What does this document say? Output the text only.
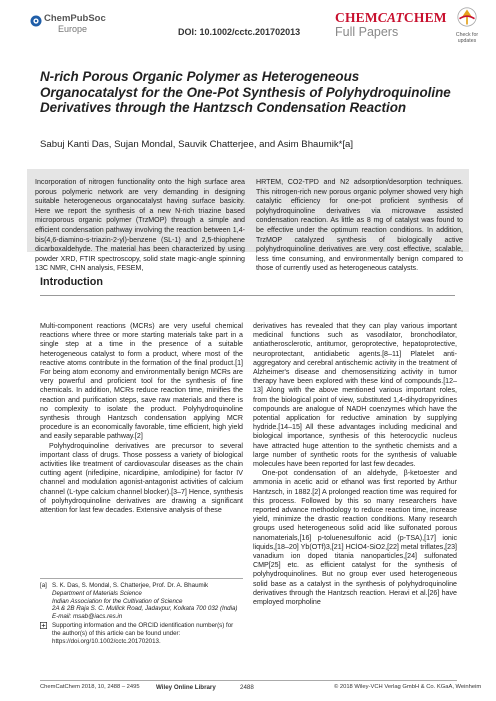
ChemPubSoc
Europe	DOI: 10.1002/cctc.201702013
CHEMCATCHEM
Full Papers	Check for updates
N-rich Porous Organic Polymer as Heterogeneous Organocatalyst for the One-Pot Synthesis of Polyhydroquinoline Derivatives through the Hantzsch Condensation Reaction
Sabuj Kanti Das, Sujan Mondal, Sauvik Chatterjee, and Asim Bhaumik*[a]
Incorporation of nitrogen functionality onto the high surface area porous polymeric network are very demanding in designing suitable heterogeneous organocatalyst having surface basicity. Here we report the synthesis of a new N-rich triazine based microporous organic polymer (TrzMOP) through a simple and efficient condensation pathway involving the reaction between 1,4-bis(4,6-diamino-s-triazin-2-yl)-benzene (SL-1) and 2,5-thiophene dicarboxaldehyde. The material has been characterized by using powder XRD, FTIR spectroscopy, solid state magic-angle spinning 13C NMR, CHN analysis, FESEM,
HRTEM, CO2-TPD and N2 adsorption/desorption techniques. This nitrogen-rich new porous organic polymer showed very high catalytic efficiency for one-pot proficient synthesis of polyhydroquinoline derivatives via microwave assisted condensation reaction. As little as 8 mg of catalyst was found to be effective under the optimum reaction conditions. In addition, TrzMOP catalyzed synthesis of biologically active polyhydroquinoline derivatives are very cost effective, scalable, less time consuming, and environmentally benign compared to those of currently used as heterogeneous catalysts.
Introduction

Multi-component reactions (MCRs) are very useful chemical reactions where three or more starting materials take part in a single step at a time in the presence of a suitable heterogeneous catalyst to form a product, where most of the reactive atoms contribute in the formation of the final product.[1] For being atom economy and environmentally benign MCRs are very powerful and proficient tool for the synthesis of fine chemicals. In addition, MCRs reduce reaction time, minifies the reaction and purification steps, save raw materials and there is no complexity to isolate the product. Polyhydroquinoline synthesis through Hantzsch condensation applying MCR procedure is an economically favorable, time efficient, high yield and easily separable pathway.[2]

Polyhydroquinoline derivatives are precursor to several important class of drugs. Those possess a variety of biological activities like treatment of cardiovascular diseases as the chain cutting agent (nifedipine, nicardipine, amlodipine) for factor IV channel and modulation agonist-antagonist activities of calcium channel (L-type calcium channel blocker).[3–7] Hence, synthesis of polyhydroquinoline derivatives are drawing a significant attention for last few decades. Extensive analysis of these

derivatives has revealed that they can play various important medicinal functions such as vasodilator, bronchodilator, antiatherosclerotic, antitumor, geroprotective, hepatoprotective, neuroprotectant, antidiabetic agents.[8–11] Platelet anti-aggregatory and cerebral antischemic activity in the treatment of Alzheimer's disease and chemosensitizing activity in tumor therapy have been explored with these kind of compounds.[12–13] Along with the above mentioned various important roles, from the biological point of view, substituted 1,4-dihydropyridines compounds are analogue of NADH coenzymes which have the potential application for reductive amination by supplying hydride.[14–15] All these advantages including medicinal and biological importance, synthesis of this heterocyclic nucleus have attracted huge attention to the synthetic chemists and a large number of synthetic roots for the synthesis of valuable molecules have been reported for last few decades.

One-pot condensation of an aldehyde, β-ketoester and ammonia in acetic acid or ethanol was first reported by Arthur Hantzsch, in 1882.[2] A prolonged reaction time was required for this process. Followed by this so many researchers have reported advance methodology to reduce reaction time, increase yield, minimize the drastic reaction conditions. Many research groups used heterogeneous solid acid like sulfonated porous nanomaterials,[16] p-toluenesulfonic acid (p-TSA),[17] ionic liquids,[18–20] Yb(OTf)3,[21] HClO4-SiO2,[22] metal triflates,[23] vanadium ion doped titania nanoparticles,[24] sulfonated CMP[25] etc. as efficient catalyst for the synthesis of polyhydroquinolines. But no group ever used heterogeneous solid base as a catalyst in the synthesis of polyhydroquinoline derivatives through the Hantzsch reaction. Heravi et al.[26] have employed morpholine

[a] S. K. Das, S. Mondal, S. Chatterjee, Prof. Dr. A. Bhaumik
Department of Materials Science
Indian Association for the Cultivation of Science
2A & 2B Raja S. C. Mullick Road, Jadavpur, Kolkata 700 032 (India)
E-mail: msab@iacs.res.in
Supporting information and the ORCID identification number(s) for the author(s) of this article can be found under: https://doi.org/10.1002/cctc.201702013.
ChemCatChem 2018, 10, 2488 – 2495	Wiley Online Library	2488	© 2018 Wiley-VCH Verlag GmbH & Co. KGaA, Weinheim
